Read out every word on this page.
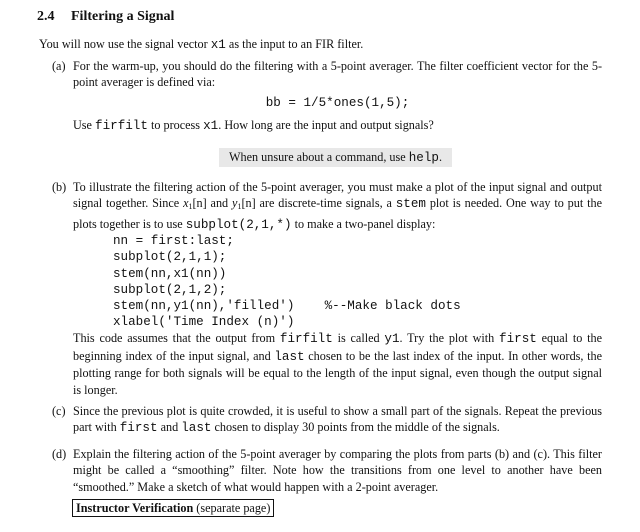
2.4 Filtering a Signal
You will now use the signal vector x1 as the input to an FIR filter.
(a) For the warm-up, you should do the filtering with a 5-point averager. The filter coefficient vector for the 5-point averager is defined via:
bb = 1/5*ones(1,5);
Use firfilt to process x1. How long are the input and output signals?
When unsure about a command, use help.
(b) To illustrate the filtering action of the 5-point averager, you must make a plot of the input signal and output signal together. Since $x_1[n]$ and $y_1[n]$ are discrete-time signals, a stem plot is needed. One way to put the plots together is to use subplot(2,1,*) to make a two-panel display:
nn = first:last;
subplot(2,1,1);
stem(nn,x1(nn))
subplot(2,1,2);
stem(nn,y1(nn),'filled')    %--Make black dots
xlabel('Time Index (n)')
This code assumes that the output from firfilt is called y1. Try the plot with first equal to the beginning index of the input signal, and last chosen to be the last index of the input. In other words, the plotting range for both signals will be equal to the length of the input signal, even though the output signal is longer.
(c) Since the previous plot is quite crowded, it is useful to show a small part of the signals. Repeat the previous part with first and last chosen to display 30 points from the middle of the signals.
(d) Explain the filtering action of the 5-point averager by comparing the plots from parts (b) and (c). This filter might be called a “smoothing” filter. Note how the transitions from one level to another have been “smoothed.” Make a sketch of what would happen with a 2-point averager.
Instructor Verification (separate page)
